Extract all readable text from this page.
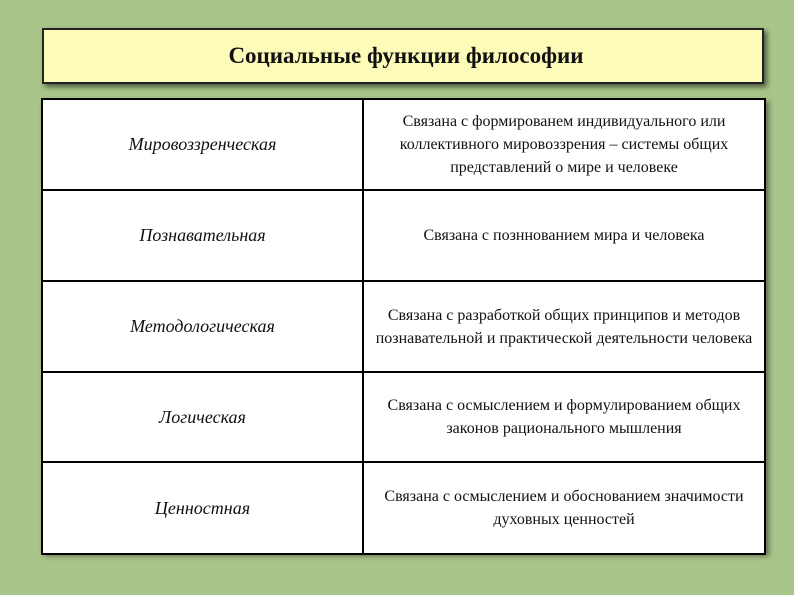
Социальные функции философии
Мировоззренческая	Связана с формированем индивидуального или коллективного мировоззрения – системы общих представлений о мире и человеке
Познавательная	Связана с позннованием мира и человека
Методологическая	Связана с разработкой общих принципов и методов познавательной и практической деятельности человека
Логическая	Связана с осмыслением и формулированием общих законов рационального мышления
Ценностная	Связана с осмыслением и обоснованием значимости духовных ценностей
